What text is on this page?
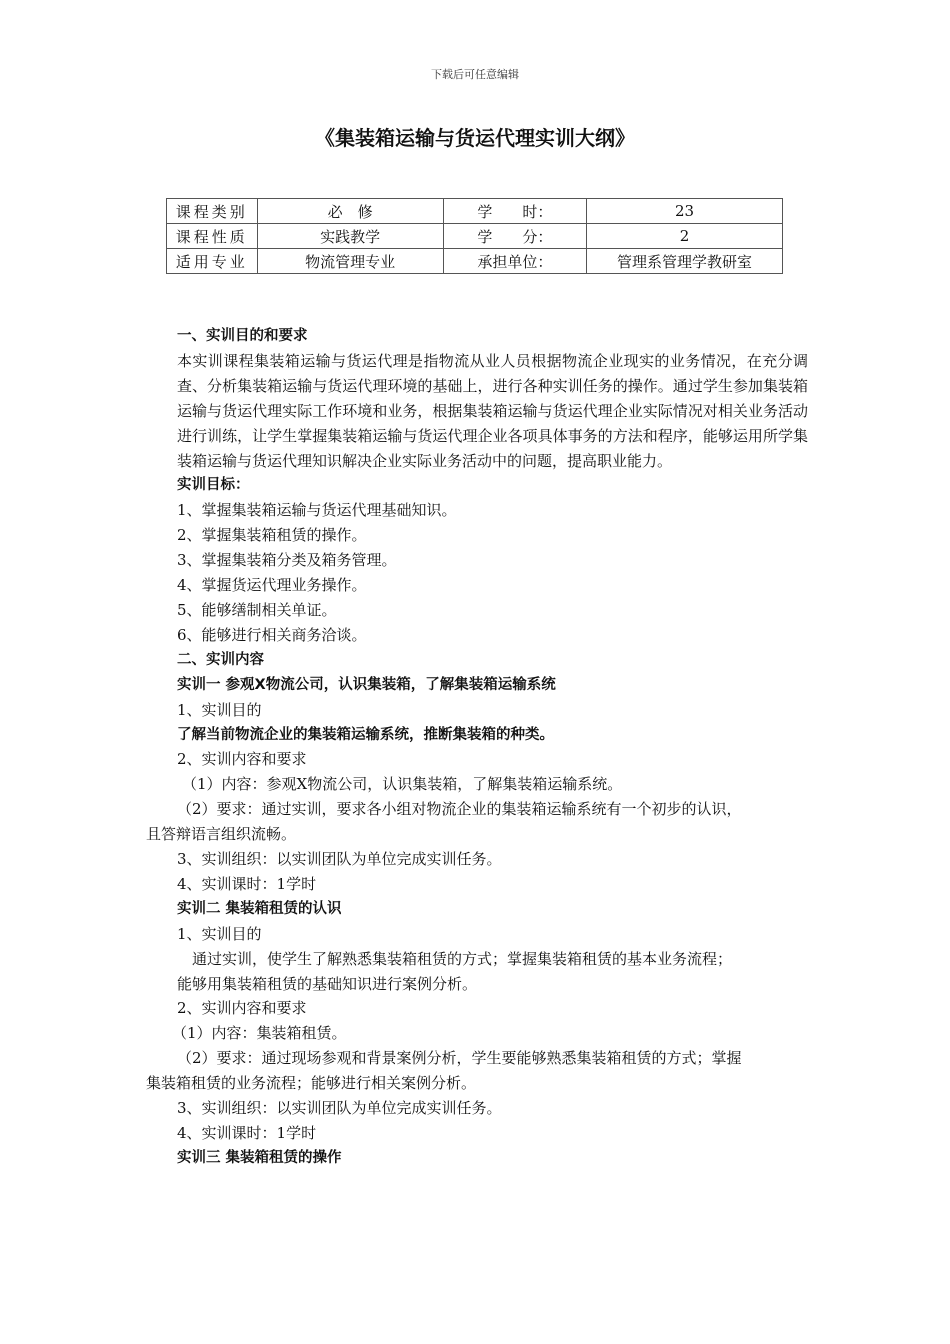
下载后可任意编辑
《集装箱运输与货运代理实训大纲》
课程类别	必　修	学　　时：	23
课程性质	实践教学	学　　分：	2
适用专业	物流管理专业	承担单位：	管理系管理学教研室

一、实训目的和要求

本实训课程集装箱运输与货运代理是指物流从业人员根据物流企业现实的业务情况，在充分调查、分析集装箱运输与货运代理环境的基础上，进行各种实训任务的操作。通过学生参加集装箱运输与货运代理实际工作环境和业务，根据集装箱运输与货运代理企业实际情况对相关业务活动进行训练，让学生掌握集装箱运输与货运代理企业各项具体事务的方法和程序，能够运用所学集装箱运输与货运代理知识解决企业实际业务活动中的问题，提高职业能力。

实训目标：

1、掌握集装箱运输与货运代理基础知识。

2、掌握集装箱租赁的操作。

3、掌握集装箱分类及箱务管理。

4、掌握货运代理业务操作。

5、能够缮制相关单证。

6、能够进行相关商务洽谈。

二、实训内容

实训一 参观X物流公司，认识集装箱，了解集装箱运输系统

1、实训目的

了解当前物流企业的集装箱运输系统，推断集装箱的种类。

2、实训内容和要求

（1）内容：参观X物流公司，认识集装箱，了解集装箱运输系统。

（2）要求：通过实训，要求各小组对物流企业的集装箱运输系统有一个初步的认识，

且答辩语言组织流畅。

3、实训组织：以实训团队为单位完成实训任务。

4、实训课时：1学时

实训二 集装箱租赁的认识

1、实训目的

通过实训，使学生了解熟悉集装箱租赁的方式；掌握集装箱租赁的基本业务流程；

能够用集装箱租赁的基础知识进行案例分析。

2、实训内容和要求

（1）内容：集装箱租赁。

（2）要求：通过现场参观和背景案例分析，学生要能够熟悉集装箱租赁的方式；掌握

集装箱租赁的业务流程；能够进行相关案例分析。

3、实训组织：以实训团队为单位完成实训任务。

4、实训课时：1学时

实训三 集装箱租赁的操作
